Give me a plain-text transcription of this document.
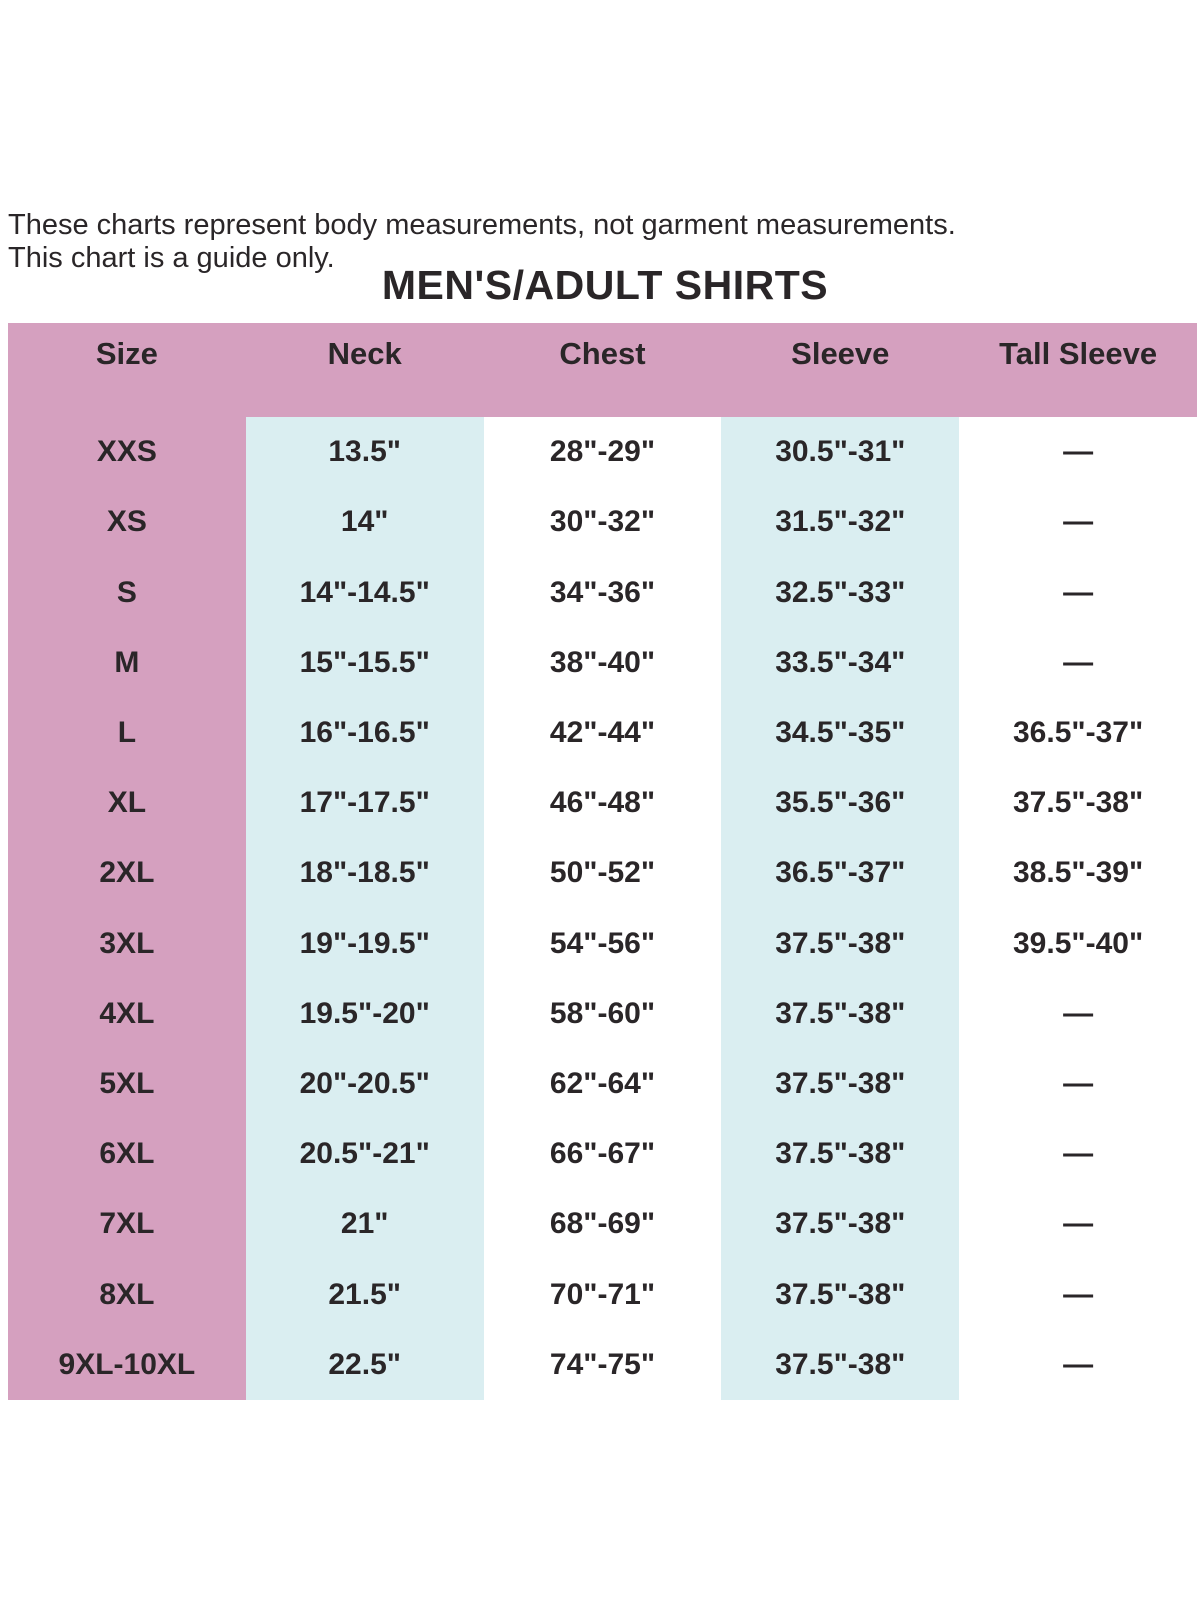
These charts represent body measurements, not garment measurements.
This chart is a guide only.
MEN'S/ADULT SHIRTS
Size	Neck	Chest	Sleeve	Tall Sleeve
XXS	13.5"	28"-29"	30.5"-31"	—
XS	14"	30"-32"	31.5"-32"	—
S	14"-14.5"	34"-36"	32.5"-33"	—
M	15"-15.5"	38"-40"	33.5"-34"	—
L	16"-16.5"	42"-44"	34.5"-35"	36.5"-37"
XL	17"-17.5"	46"-48"	35.5"-36"	37.5"-38"
2XL	18"-18.5"	50"-52"	36.5"-37"	38.5"-39"
3XL	19"-19.5"	54"-56"	37.5"-38"	39.5"-40"
4XL	19.5"-20"	58"-60"	37.5"-38"	—
5XL	20"-20.5"	62"-64"	37.5"-38"	—
6XL	20.5"-21"	66"-67"	37.5"-38"	—
7XL	21"	68"-69"	37.5"-38"	—
8XL	21.5"	70"-71"	37.5"-38"	—
9XL-10XL	22.5"	74"-75"	37.5"-38"	—
